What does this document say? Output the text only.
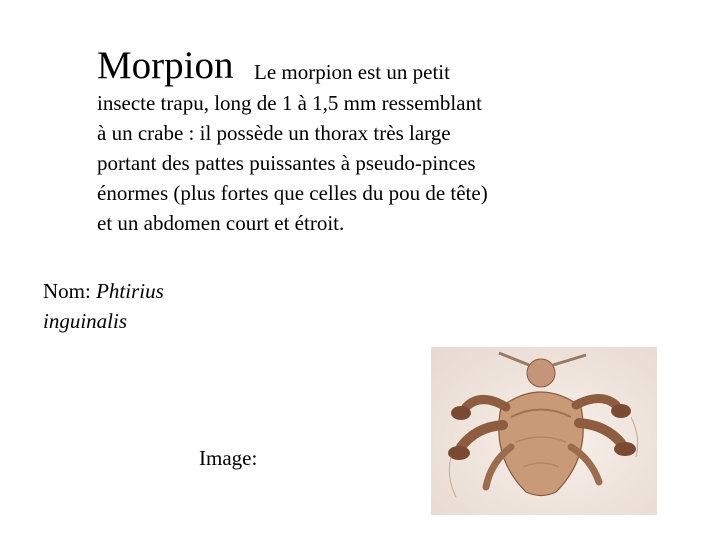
Morpion Le morpion est un petit
insecte trapu, long de 1 à 1,5 mm ressemblant
à un crabe : il possède un thorax très large
portant des pattes puissantes à pseudo-pinces
énormes (plus fortes que celles du pou de tête)
et un abdomen court et étroit.
Nom: Phtirius
inguinalis
Image:
